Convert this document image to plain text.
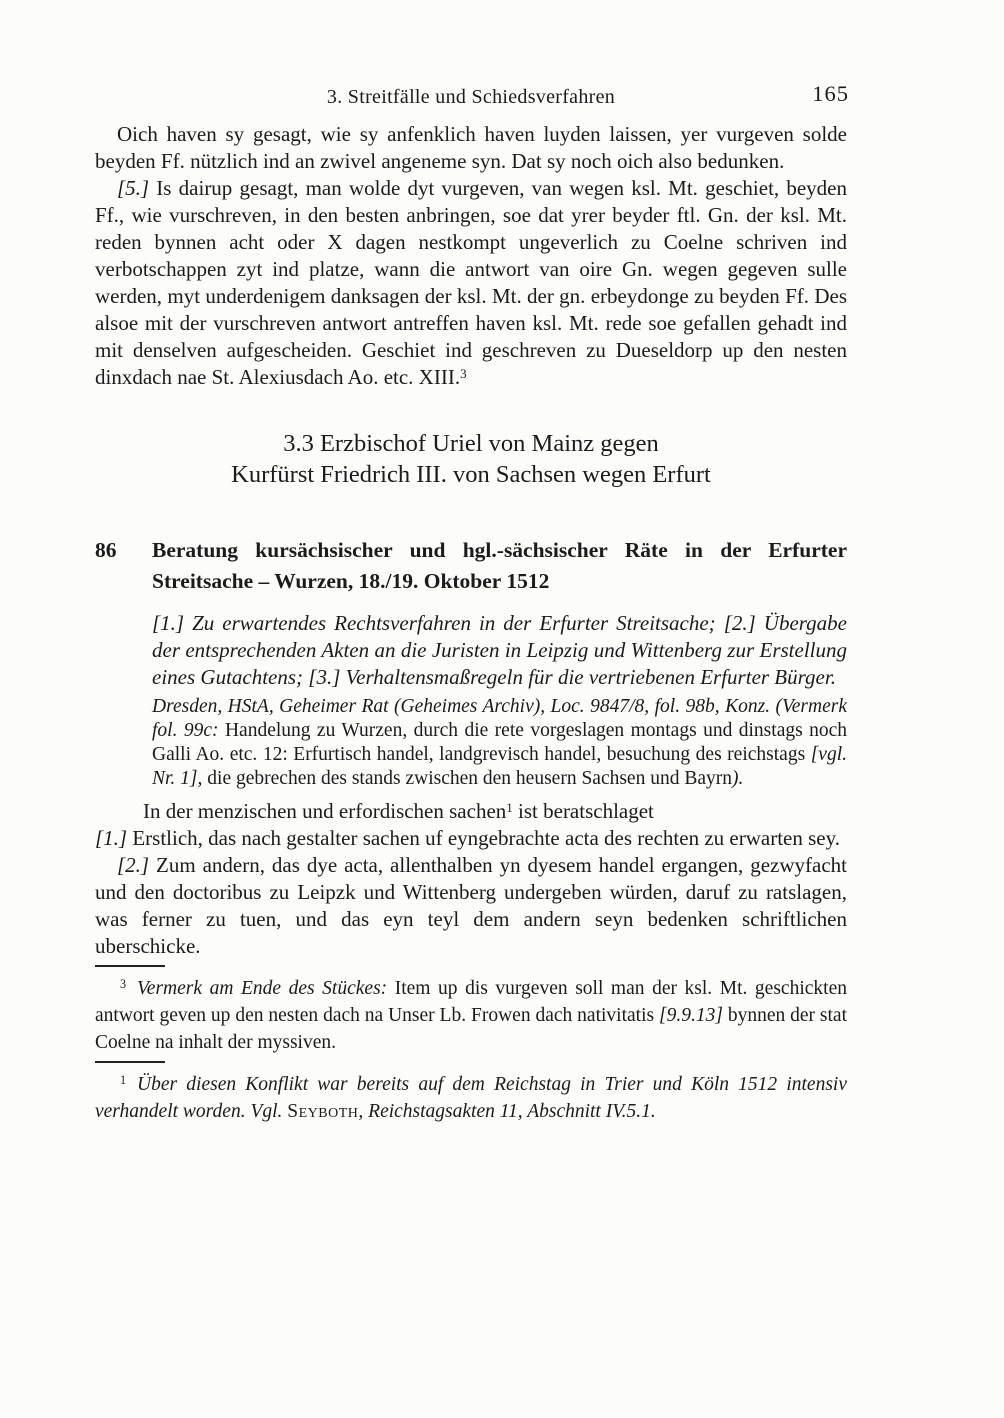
3. Streitfälle und Schiedsverfahren	165

Oich haven sy gesagt, wie sy anfenklich haven luyden laissen, yer vurgeven solde beyden Ff. nützlich ind an zwivel angeneme syn. Dat sy noch oich also bedunken.

[5.] Is dairup gesagt, man wolde dyt vurgeven, van wegen ksl. Mt. geschiet, beyden Ff., wie vurschreven, in den besten anbringen, soe dat yrer beyder ftl. Gn. der ksl. Mt. reden bynnen acht oder X dagen nestkompt ungeverlich zu Coelne schriven ind verbotschappen zyt ind platze, wann die antwort van oire Gn. wegen gegeven sulle werden, myt underdenigem danksagen der ksl. Mt. der gn. erbeydonge zu beyden Ff. Des alsoe mit der vurschreven antwort antreffen haven ksl. Mt. rede soe gefallen gehadt ind mit denselven aufgescheiden. Geschiet ind geschreven zu Dueseldorp up den nesten dinxdach nae St. Alexiusdach Ao. etc. XIII.$^3$

3.3 Erzbischof Uriel von Mainz gegen
Kurfürst Friedrich III. von Sachsen wegen Erfurt
86 Beratung kursächsischer und hgl.-sächsischer Räte in der Erfurter Streitsache – Wurzen, 18./19. Oktober 1512

[1.] Zu erwartendes Rechtsverfahren in der Erfurter Streitsache; [2.] Übergabe der entsprechenden Akten an die Juristen in Leipzig und Wittenberg zur Erstellung eines Gutachtens; [3.] Verhaltensmaßregeln für die vertriebenen Erfurter Bürger.

Dresden, HStA, Geheimer Rat (Geheimes Archiv), Loc. 9847/8, fol. 98b, Konz. (Vermerk fol. 99c: Handelung zu Wurzen, durch die rete vorgeslagen montags und dinstags noch Galli Ao. etc. 12: Erfurtisch handel, landgrevisch handel, besuchung des reichstags [vgl. Nr. 1], die gebrechen des stands zwischen den heusern Sachsen und Bayrn).

In der menzischen und erfordischen sachen$^1$ ist beratschlaget

[1.] Erstlich, das nach gestalter sachen uf eyngebrachte acta des rechten zu erwarten sey.

[2.] Zum andern, das dye acta, allenthalben yn dyesem handel ergangen, gezwyfacht und den doctoribus zu Leipzk und Wittenberg undergeben würden, daruf zu ratslagen, was ferner zu tuen, und das eyn teyl dem andern seyn bedenken schriftlichen uberschicke.

$^3$ Vermerk am Ende des Stückes: Item up dis vurgeven soll man der ksl. Mt. geschickten antwort geven up den nesten dach na Unser Lb. Frowen dach nativitatis [9.9.13] bynnen der stat Coelne na inhalt der myssiven.

$^1$ Über diesen Konflikt war bereits auf dem Reichstag in Trier und Köln 1512 intensiv verhandelt worden. Vgl. Seyboth, Reichstagsakten 11, Abschnitt IV.5.1.
